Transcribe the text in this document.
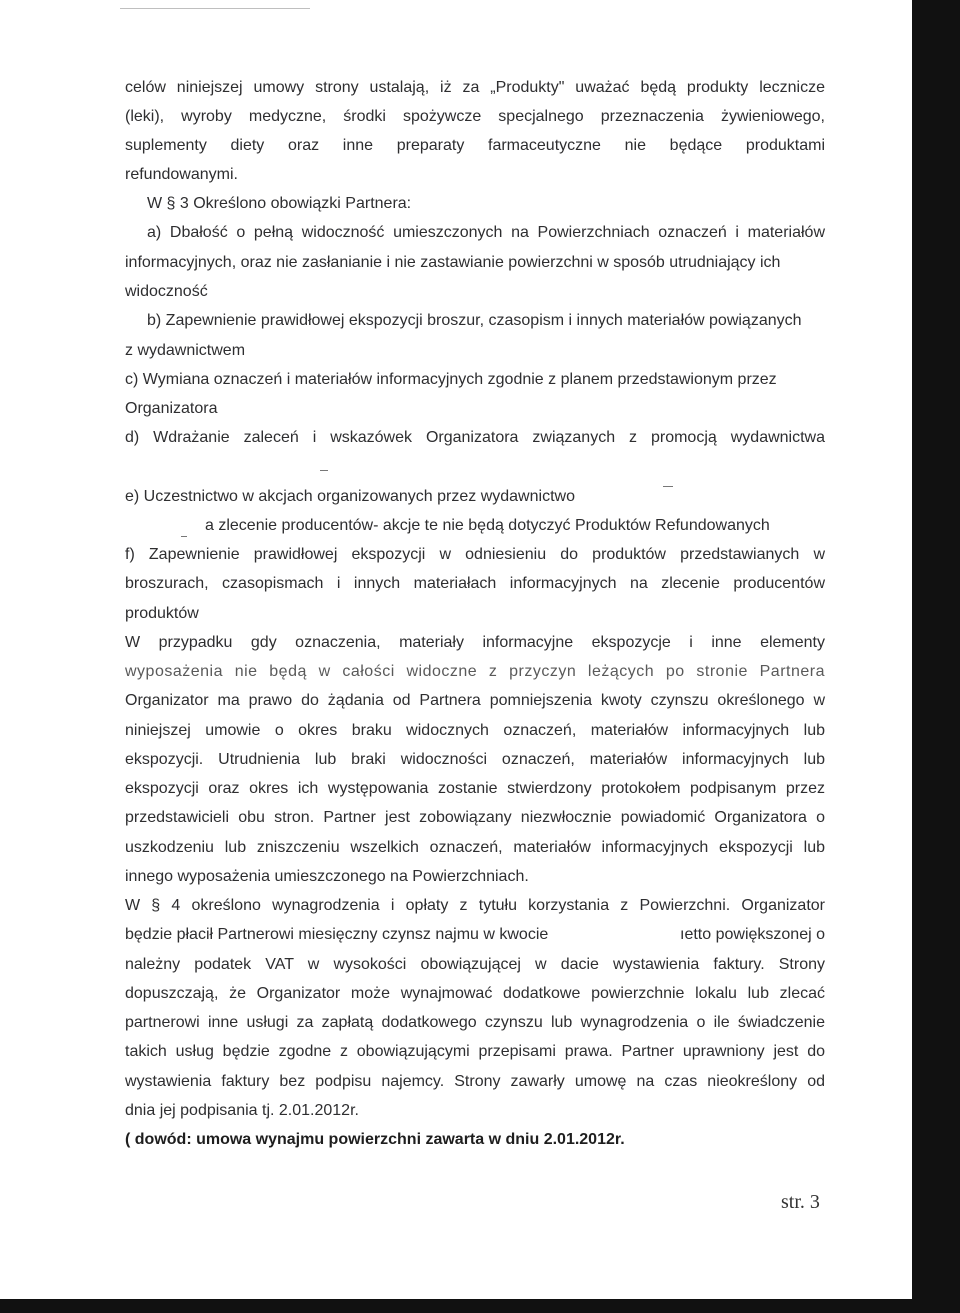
celów niniejszej umowy strony ustalają, iż za „Produkty" uważać będą produkty lecznicze
(leki), wyroby medyczne, środki spożywcze specjalnego przeznaczenia żywieniowego,
suplementy diety oraz inne preparaty farmaceutyczne nie będące produktami
refundowanymi.
W § 3 Określono obowiązki Partnera:
a) Dbałość o pełną widoczność umieszczonych na Powierzchniach oznaczeń i materiałów
informacyjnych, oraz nie zasłanianie i nie zastawianie powierzchni w sposób utrudniający ich
widoczność
b) Zapewnienie prawidłowej ekspozycji broszur, czasopism i innych materiałów powiązanych
z wydawnictwem
c) Wymiana oznaczeń i materiałów informacyjnych zgodnie z planem przedstawionym przez
Organizatora
d) Wdrażanie zaleceń i wskazówek Organizatora związanych z promocją wydawnictwa
e) Uczestnictwo w akcjach organizowanych przez wydawnictwo
a zlecenie producentów- akcje te nie będą dotyczyć Produktów Refundowanych
f) Zapewnienie prawidłowej ekspozycji w odniesieniu do produktów przedstawianych w
broszurach, czasopismach i innych materiałach informacyjnych na zlecenie producentów
produktów
W przypadku gdy oznaczenia, materiały informacyjne ekspozycje i inne elementy
wyposażenia nie będą w całości widoczne z przyczyn leżących po stronie Partnera
Organizator ma prawo do żądania od Partnera pomniejszenia kwoty czynszu określonego w
niniejszej umowie o okres braku widocznych oznaczeń, materiałów informacyjnych lub
ekspozycji. Utrudnienia lub braki widoczności oznaczeń, materiałów informacyjnych lub
ekspozycji oraz okres ich występowania zostanie stwierdzony protokołem podpisanym przez
przedstawicieli obu stron. Partner jest zobowiązany niezwłocznie powiadomić Organizatora o
uszkodzeniu lub zniszczeniu wszelkich oznaczeń, materiałów informacyjnych ekspozycji lub
innego wyposażenia umieszczonego na Powierzchniach.
W § 4 określono wynagrodzenia i opłaty z tytułu korzystania z Powierzchni. Organizator
będzie płacił Partnerowi miesięczny czynsz najmu w kwocie	ıetto powiększonej o
należny podatek VAT w wysokości obowiązującej w dacie wystawienia faktury. Strony
dopuszczają, że Organizator może wynajmować dodatkowe powierzchnie lokalu lub zlecać
partnerowi inne usługi za zapłatą dodatkowego czynszu lub wynagrodzenia o ile świadczenie
takich usług będzie zgodne z obowiązującymi przepisami prawa. Partner uprawniony jest do
wystawienia faktury bez podpisu najemcy. Strony zawarły umowę na czas nieokreślony od
dnia jej podpisania tj. 2.01.2012r.
( dowód: umowa wynajmu powierzchni zawarta w dniu 2.01.2012r.
str. 3
